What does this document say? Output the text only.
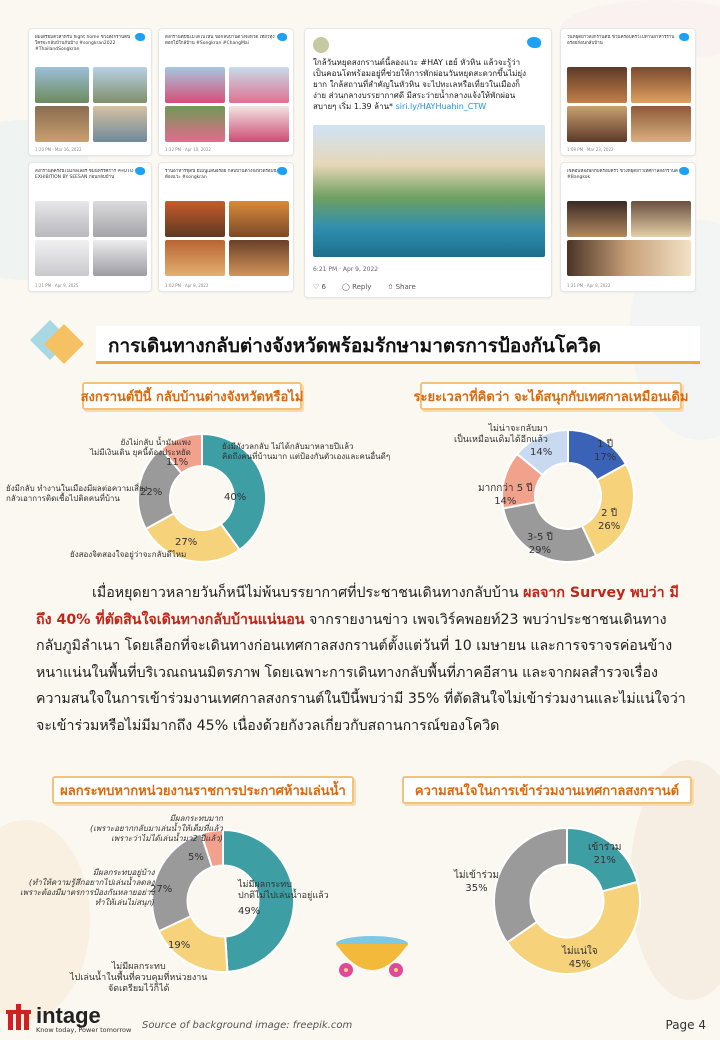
ผมเตรียมตัวสำหรับ flight home ช่วงสงกรานต์นี้ ใครจะกลับบ้านกันบ้าง #songkran2022 #ThailandSongkran
1:20 PM · Mar 16, 2022
สงกรานต์ปีนี้ไม่ได้ไปไหน ขอกลับบ้านต่างจังหวัด เที่ยวทุ่งดอกไม้ใกล้บ้าน #Songkran #ChangMai
1:32 PM · Apr 10, 2022
สงกรานต์ครั้งนี้ไปแกลเลอรี่ ชมนิทรรศการ PHOTO EXHIBITION BY SEESAN ก่อนกลับบ้าน
1:21 PM · Apr 9, 2025
ร้านอาหารชุดนี้ มีเมนูแสนอร่อย กลับบ้านต่างจังหวัดรอบนี้ต้องแวะ #songkran
1:02 PM · Apr 8, 2022
ใกล้วันหยุดสงกรานต์นี้ลองแวะ #HAY เฮย์ หัวหิน แล้วจะรู้ว่าเป็นคอนโดพร้อมอยู่ที่ช่วยให้การพักผ่อนวันหยุดสะดวกขึ้นไม่ยุ่งยาก ใกล้สถานที่สำคัญในหัวหิน จะไปทะเลหรือเที่ยวในเมืองก็ง่าย ส่วนกลางบรรยากาศดี มีสระว่ายน้ำกลางแจ้งให้พักผ่อนสบายๆ เริ่ม 1.39 ล้าน* siri.ly/HAYHuahin_CTW
6:21 PM · Apr 9, 2022
♡ 6 ◯ Reply ⇧ Share
วันหยุดยาวสงกรานต์นี้ ชวนครอบครัวไปทานอาหารร้านอร่อยก่อนกลับบ้าน
1:09 PM · Mar 23, 2022
เช็คอินห้องพักกับครอบครัว ช่วงหยุดยาวเทศกาลสงกรานต์ #Bangkok
1:31 PM · Apr 9, 2022
การเดินทางกลับต่างจังหวัดพร้อมรักษามาตรการป้องกันโควิด
สงกรานต์ปีนี้ กลับบ้านต่างจังหวัดหรือไม่
ยังมีกังวลกลับ ไม่ได้กลับมาหลายปีแล้ว
คิดถึงคนที่บ้านมาก แต่ป้องกันตัวเองและคนอื่นดีๆ
40%
ยังสองจิตสองใจอยู่ว่าจะกลับดีไหม
27%
ยังมีกลับ ทำงานในเมืองมีผลต่อความเสี่ยง
กลัวเอาการติดเชื้อไปติดคนที่บ้าน
22%
ยังไม่กลับ น้ำมันแพง
ไม่มีเงินเดิน ยุคนี้ต้องประหยัด
11%
ระยะเวลาที่คิดว่า จะได้สนุกกับเทศกาลเหมือนเดิม
1 ปี
17%
2 ปี
26%
3-5 ปี
29%
มากกว่า 5 ปี
14%
ไม่น่าจะกลับมา
เป็นเหมือนเดิมได้อีกแล้ว
14%
เมื่อหยุดยาวหลายวันก็หนีไม่พ้นบรรยากาศที่ประชาชนเดินทางกลับบ้าน ผลจาก Survey พบว่า มีถึง 40% ที่ตัดสินใจเดินทางกลับบ้านแน่นอน จากรายงานข่าว เพจเวิร์คพอยท์23 พบว่าประชาชนเดินทางกลับภูมิลำเนา โดยเลือกที่จะเดินทางก่อนเทศกาลสงกรานต์ตั้งแต่วันที่ 10 เมษายน และการจราจรค่อนข้างหนาแน่นในพื้นที่บริเวณถนนมิตรภาพ โดยเฉพาะการเดินทางกลับพื้นที่ภาคอีสาน และจากผลสำรวจเรื่อง ความสนใจในการเข้าร่วมงานเทศกาลสงกรานต์ในปีนี้พบว่ามี 35% ที่ตัดสินใจไม่เข้าร่วมงานและไม่แน่ใจว่าจะเข้าร่วมหรือไม่มีมากถึง 45% เนื่องด้วยกังวลเกี่ยวกับสถานการณ์ของโควิด
ผลกระทบหากหน่วยงานราชการประกาศห้ามเล่นน้ำ
ไม่มีผลกระทบ
ปกติไม่ไปเล่นน้ำอยู่แล้ว
49%
ไม่มีผลกระทบ
ไปเล่นน้ำในพื้นที่ควบคุมที่หน่วยงาน
จัดเตรียมไว้ก็ได้
19%
มีผลกระทบอยู่บ้าง
(ทำให้ความรู้สึกอยากไปเล่นน้ำลดลง
เพราะต้องมีมาตรการป้องกันหลายอย่าง
ทำให้เล่นไม่สนุก)
27%
มีผลกระทบมาก
(เพราะอยากกลับมาเล่นน้ำให้เต็มที่แล้ว
เพราะว่าไม่ได้เล่นน้ำมา2 ปีแล้ว)
5%
ความสนใจในการเข้าร่วมงานเทศกาลสงกรานต์
เข้าร่วม
21%
ไม่แน่ใจ
45%
ไม่เข้าร่วม
35%
intage
Know today, Power tomorrow Source of background image: freepik.com	Page 4
